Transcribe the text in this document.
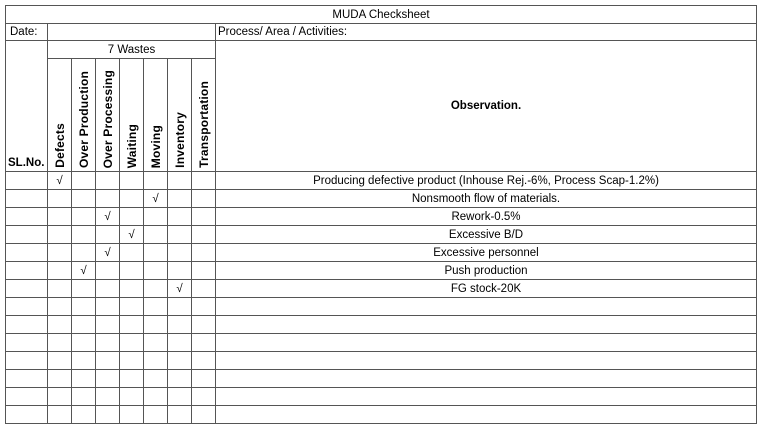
MUDA Checksheet								
Date:								Process/ Area / Activities:
SL.No.	7 Wastes							Observation.
	Defects	Over Production	Over Processing	Waiting	Moving	Inventory	Transportation	
	√							Producing defective product (Inhouse Rej.-6%, Process Scap-1.2%)
					√			Nonsmooth flow of materials.
			√					Rework-0.5%
				√				Excessive B/D
			√					Excessive personnel
		√						Push production
						√		FG stock-20K
